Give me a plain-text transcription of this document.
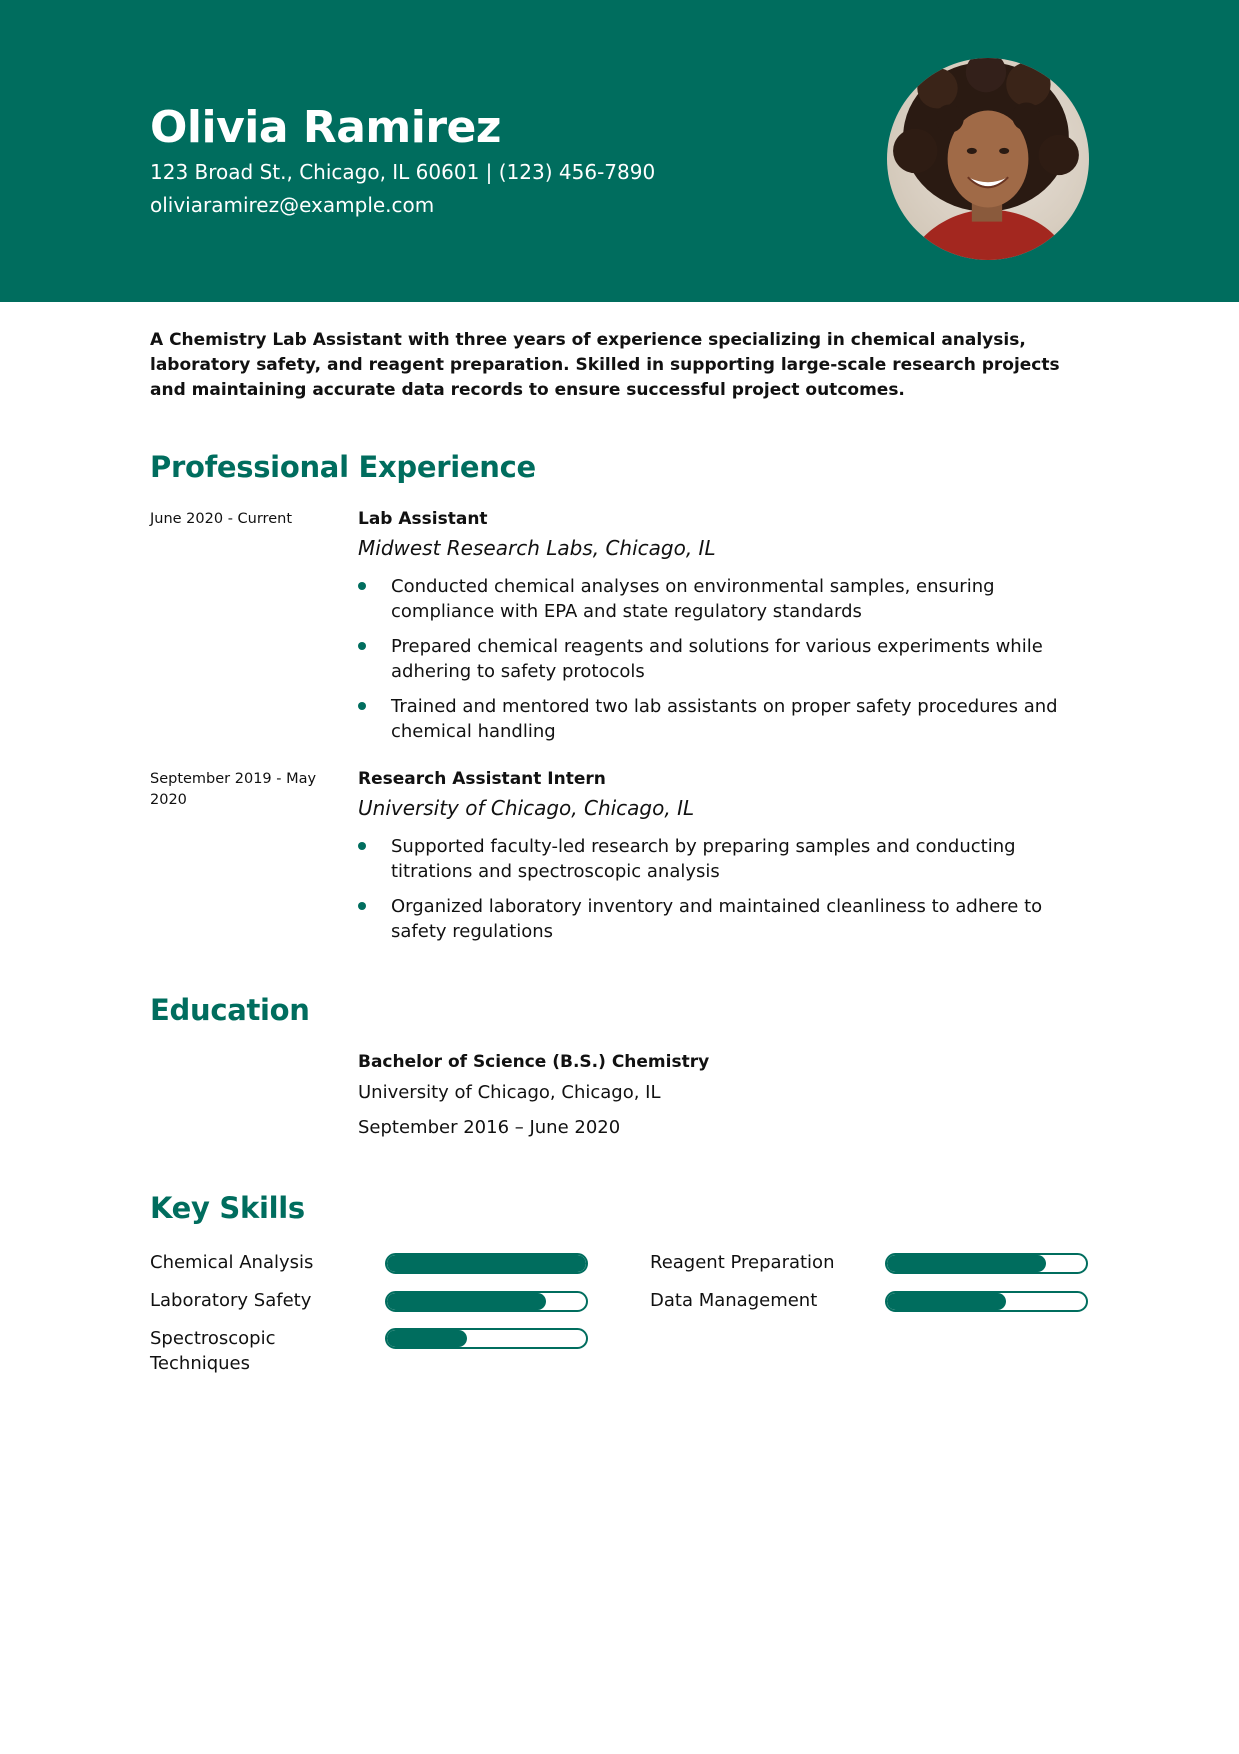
Olivia Ramirez
123 Broad St., Chicago, IL 60601 | (123) 456-7890
oliviaramirez@example.com
A Chemistry Lab Assistant with three years of experience specializing in chemical analysis, laboratory safety, and reagent preparation. Skilled in supporting large-scale research projects and maintaining accurate data records to ensure successful project outcomes.
Professional Experience
June 2020 - Current	Lab Assistant
Midwest Research Labs, Chicago, IL
Conducted chemical analyses on environmental samples, ensuring compliance with EPA and state regulatory standards
Prepared chemical reagents and solutions for various experiments while adhering to safety protocols
Trained and mentored two lab assistants on proper safety procedures and chemical handling
September 2019 - May 2020
Research Assistant Intern
University of Chicago, Chicago, IL
Supported faculty-led research by preparing samples and conducting titrations and spectroscopic analysis
Organized laboratory inventory and maintained cleanliness to adhere to safety regulations
Education
Bachelor of Science (B.S.) Chemistry
University of Chicago, Chicago, IL
September 2016 – June 2020
Key Skills
Chemical Analysis
Laboratory Safety
Spectroscopic Techniques
Reagent Preparation
Data Management
